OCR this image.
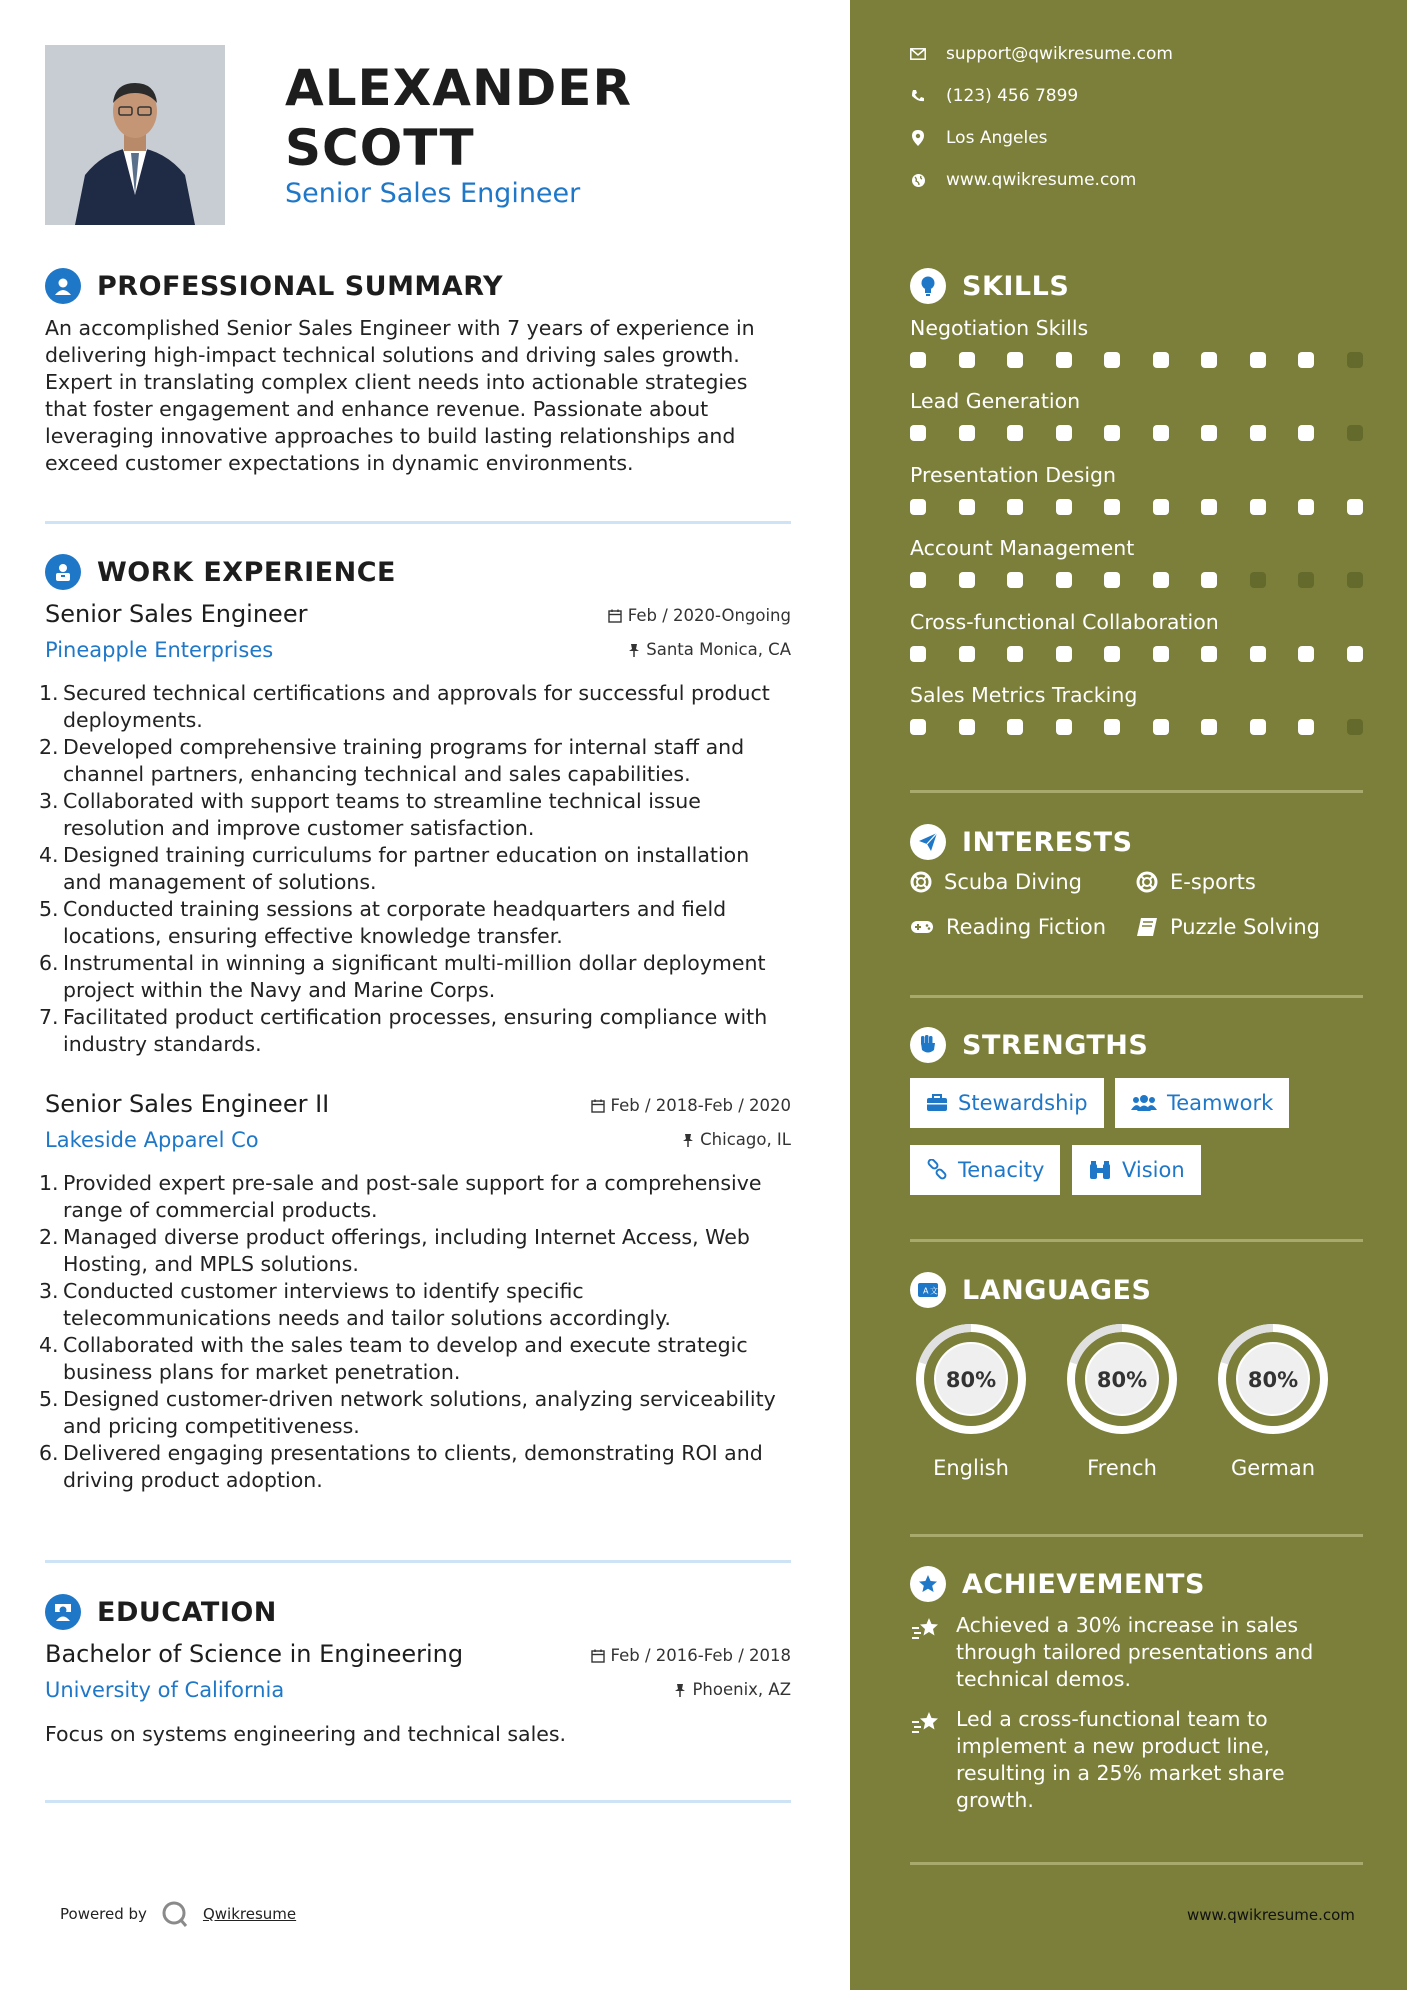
ALEXANDER
SCOTT
Senior Sales Engineer
PROFESSIONAL SUMMARY
An accomplished Senior Sales Engineer with 7 years of experience in delivering high-impact technical solutions and driving sales growth. Expert in translating complex client needs into actionable strategies that foster engagement and enhance revenue. Passionate about leveraging innovative approaches to build lasting relationships and exceed customer expectations in dynamic environments.
WORK EXPERIENCE
Senior Sales Engineer
Pineapple Enterprises
Feb / 2020-Ongoing
Santa Monica, CA
1. Secured technical certifications and approvals for successful product deployments.
2. Developed comprehensive training programs for internal staff and channel partners, enhancing technical and sales capabilities.
3. Collaborated with support teams to streamline technical issue resolution and improve customer satisfaction.
4. Designed training curriculums for partner education on installation and management of solutions.
5. Conducted training sessions at corporate headquarters and field locations, ensuring effective knowledge transfer.
6. Instrumental in winning a significant multi-million dollar deployment project within the Navy and Marine Corps.
7. Facilitated product certification processes, ensuring compliance with industry standards.
Senior Sales Engineer II
Lakeside Apparel Co
Feb / 2018-Feb / 2020
Chicago, IL
1. Provided expert pre-sale and post-sale support for a comprehensive range of commercial products.
2. Managed diverse product offerings, including Internet Access, Web Hosting, and MPLS solutions.
3. Conducted customer interviews to identify specific telecommunications needs and tailor solutions accordingly.
4. Collaborated with the sales team to develop and execute strategic business plans for market penetration.
5. Designed customer-driven network solutions, analyzing serviceability and pricing competitiveness.
6. Delivered engaging presentations to clients, demonstrating ROI and driving product adoption.
EDUCATION
Bachelor of Science in Engineering
University of California
Feb / 2016-Feb / 2018
Phoenix, AZ
Focus on systems engineering and technical sales.
Powered by	Qwikresume
support@qwikresume.com
(123) 456 7899
Los Angeles
www.qwikresume.com
SKILLS
Negotiation Skills
Lead Generation
Presentation Design
Account Management
Cross-functional Collaboration
Sales Metrics Tracking
INTERESTS
Scuba Diving	E-sports
Reading Fiction	Puzzle Solving
STRENGTHS
Stewardship	Teamwork
Tenacity	Vision
A 文 LANGUAGES
80%
English
80%
French
80%
German
ACHIEVEMENTS
Achieved a 30% increase in sales through tailored presentations and technical demos.
Led a cross-functional team to implement a new product line, resulting in a 25% market share growth.
www.qwikresume.com
